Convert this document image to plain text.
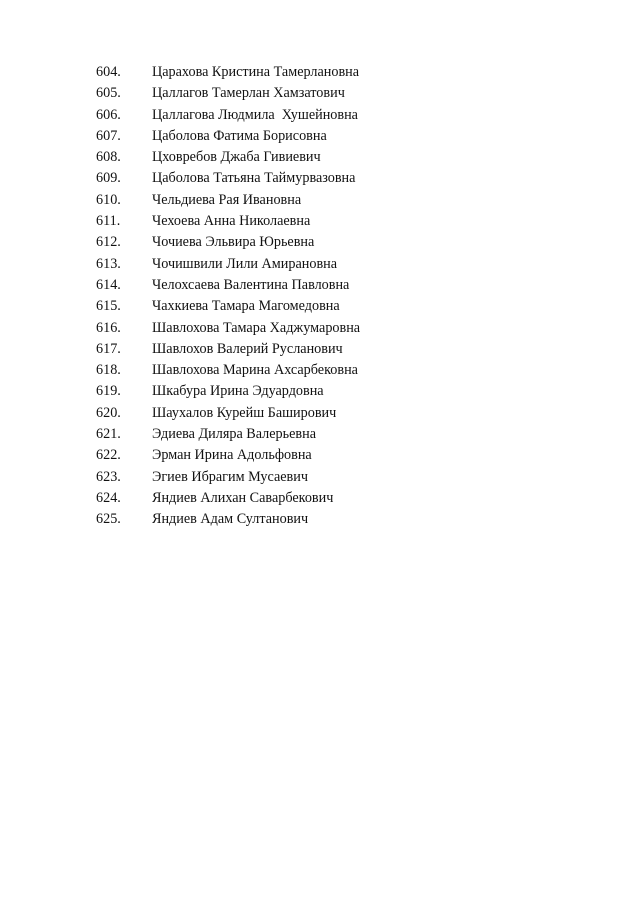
604.	Царахова Кристина Тамерлановна
605.	Цаллагов Тамерлан Хамзатович
606.	Цаллагова Людмила  Хушейновна
607.	Цаболова Фатима Борисовна
608.	Цховребов Джаба Гивиевич
609.	Цаболова Татьяна Таймурвазовна
610.	Чельдиева Рая Ивановна
611.	Чехоева Анна Николаевна
612.	Чочиева Эльвира Юрьевна
613.	Чочишвили Лили Амирановна
614.	Челохсаева Валентина Павловна
615.	Чахкиева Тамара Магомедовна
616.	Шавлохова Тамара Хаджумаровна
617.	Шавлохов Валерий Русланович
618.	Шавлохова Марина Ахсарбековна
619.	Шкабура Ирина Эдуардовна
620.	Шаухалов Курейш Баширович
621.	Эдиева Диляра Валерьевна
622.	Эрман Ирина Адольфовна
623.	Эгиев Ибрагим Мусаевич
624.	Яндиев Алихан Саварбекович
625.	Яндиев Адам Султанович
